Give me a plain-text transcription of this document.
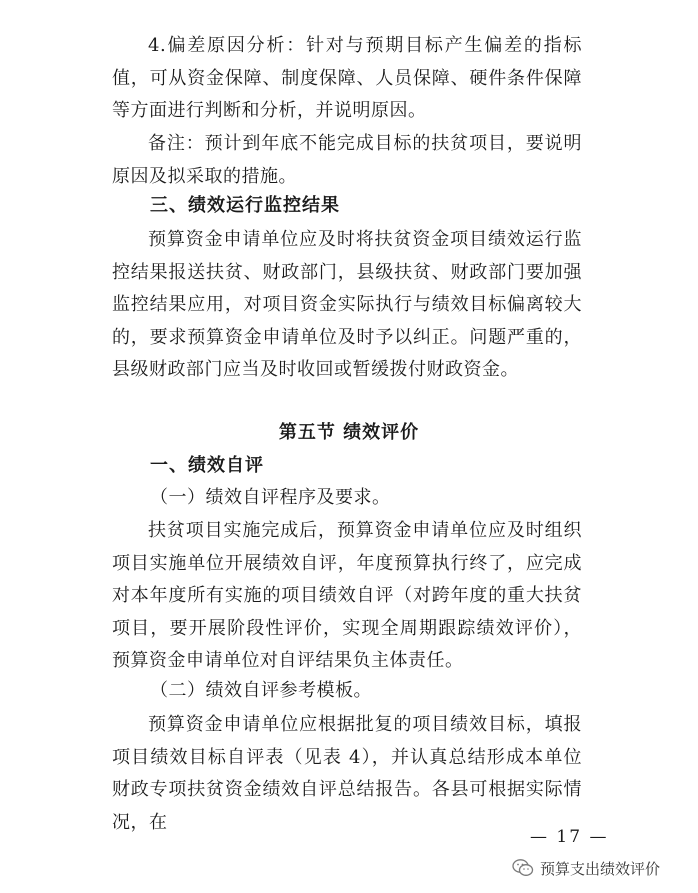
4.偏差原因分析：针对与预期目标产生偏差的指标值，可从资金保障、制度保障、人员保障、硬件条件保障等方面进行判断和分析，并说明原因。

备注：预计到年底不能完成目标的扶贫项目，要说明原因及拟采取的措施。

三、绩效运行监控结果

预算资金申请单位应及时将扶贫资金项目绩效运行监控结果报送扶贫、财政部门，县级扶贫、财政部门要加强监控结果应用，对项目资金实际执行与绩效目标偏离较大的，要求预算资金申请单位及时予以纠正。问题严重的，县级财政部门应当及时收回或暂缓拨付财政资金。

第五节 绩效评价

一、绩效自评

（一）绩效自评程序及要求。

扶贫项目实施完成后，预算资金申请单位应及时组织项目实施单位开展绩效自评，年度预算执行终了，应完成对本年度所有实施的项目绩效自评（对跨年度的重大扶贫项目，要开展阶段性评价，实现全周期跟踪绩效评价），预算资金申请单位对自评结果负主体责任。

（二）绩效自评参考模板。

预算资金申请单位应根据批复的项目绩效目标，填报项目绩效目标自评表（见表 4），并认真总结形成本单位财政专项扶贫资金绩效自评总结报告。各县可根据实际情况，在

— 17 —
预算支出绩效评价
